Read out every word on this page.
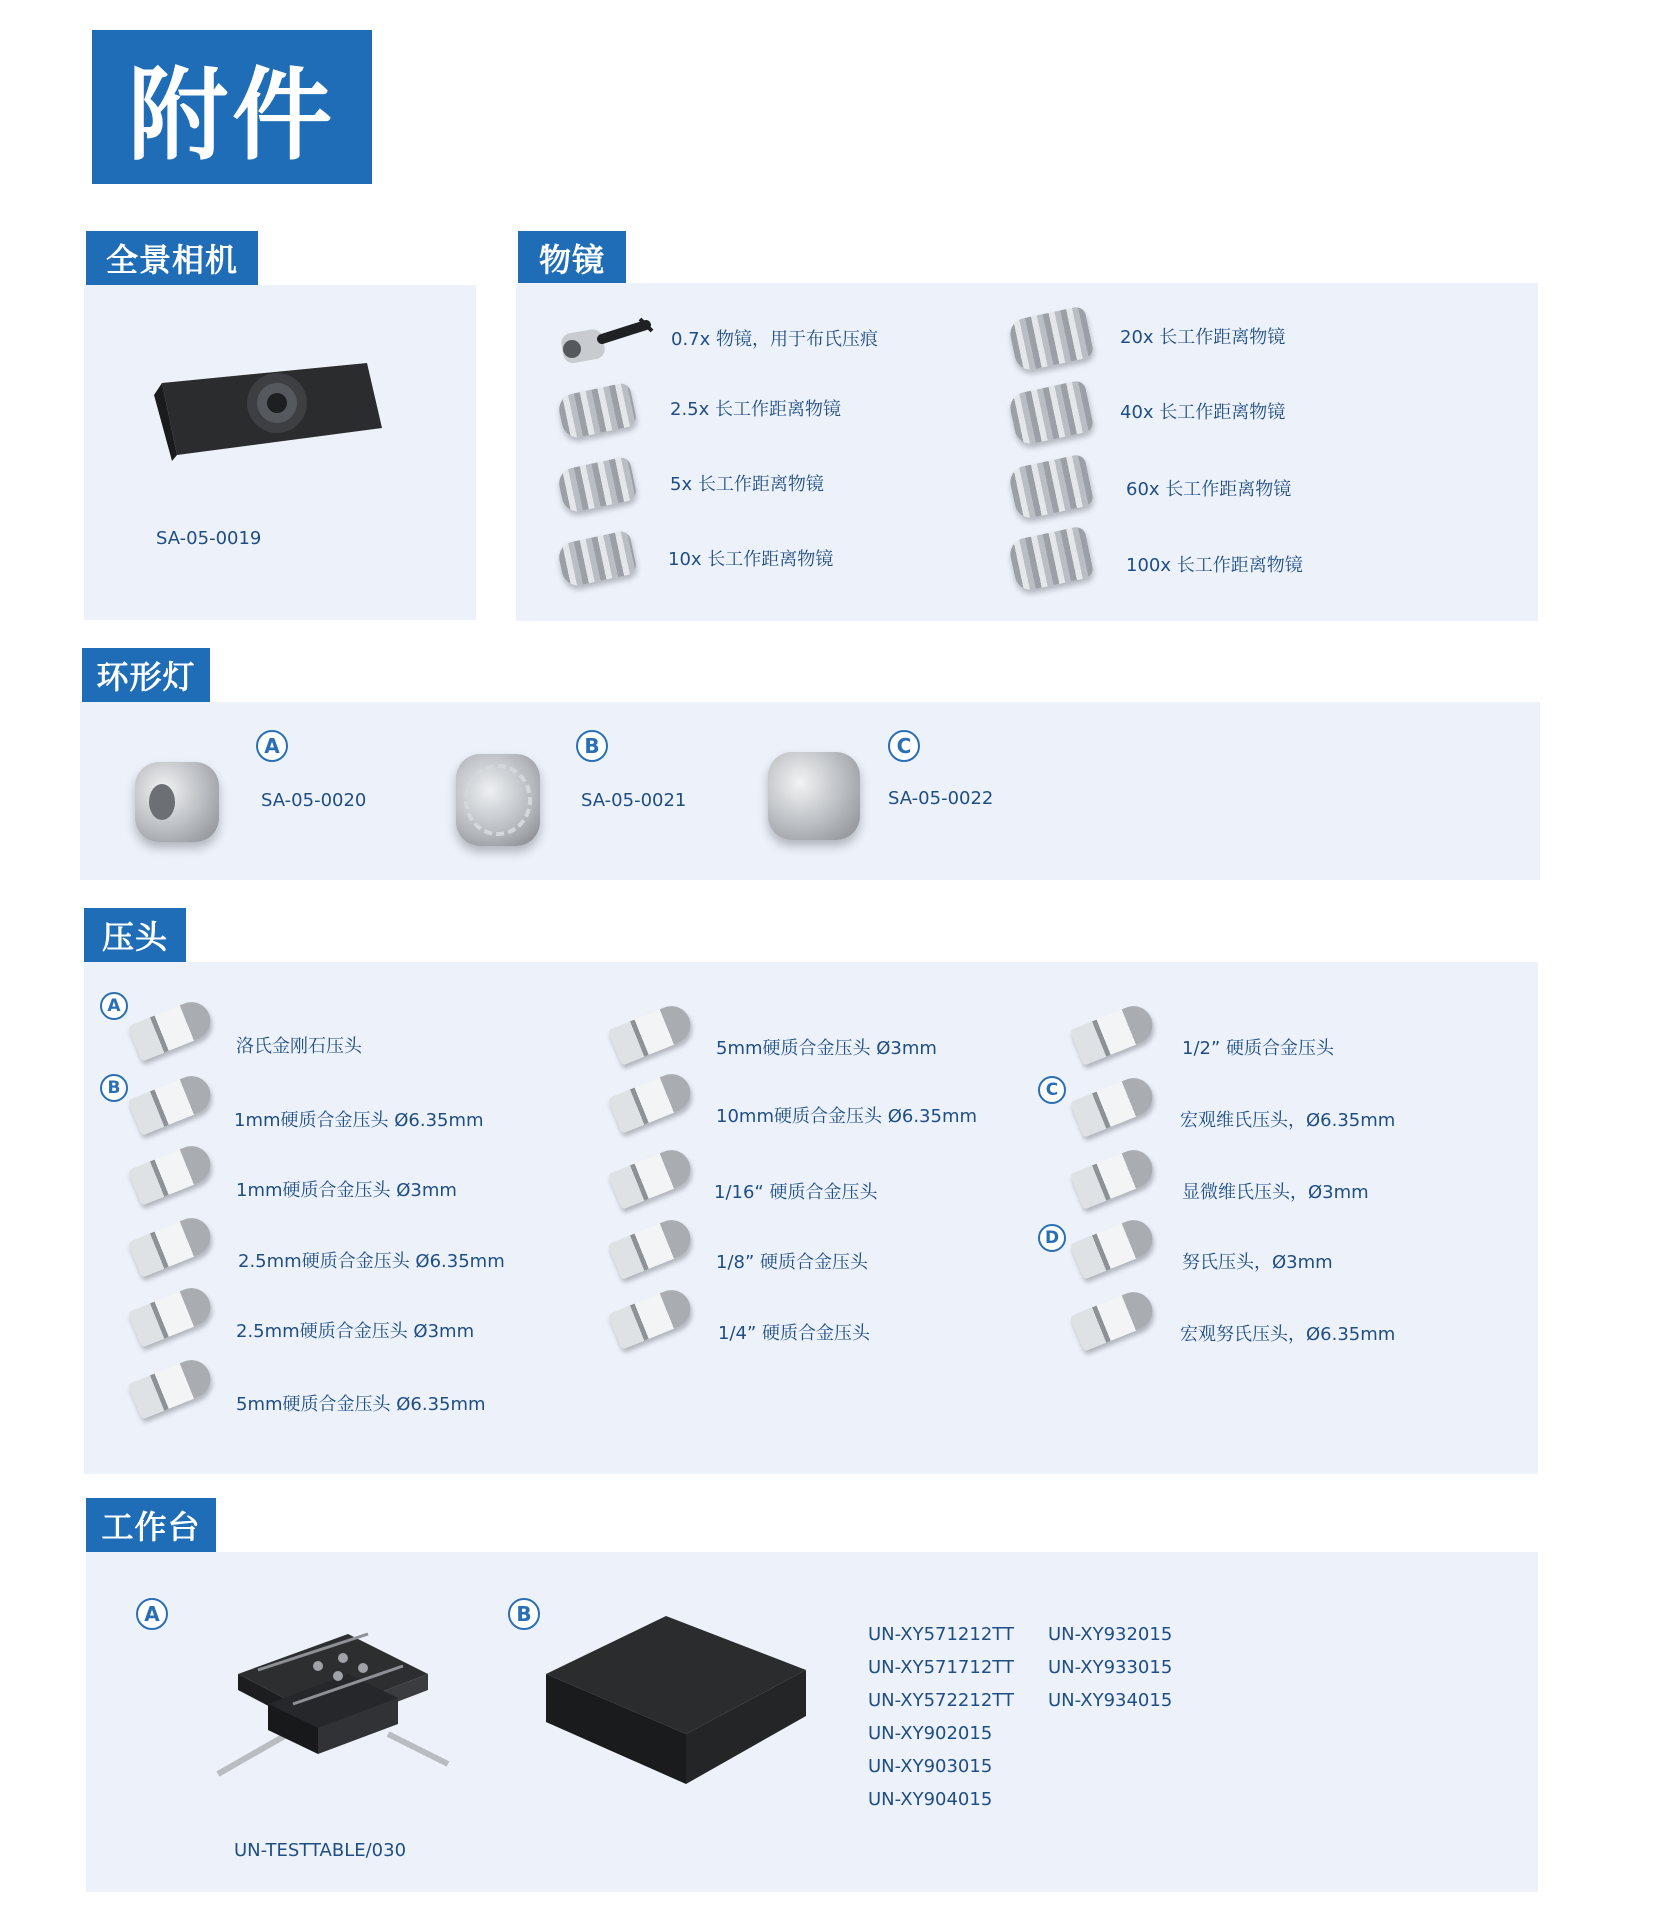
附件
全景相机
SA-05-0019
物镜
0.7x 物镜，用于布氏压痕
2.5x 长工作距离物镜
5x 长工作距离物镜
10x 长工作距离物镜
20x 长工作距离物镜
40x 长工作距离物镜
60x 长工作距离物镜
100x 长工作距离物镜
环形灯
A
SA-05-0020
B
SA-05-0021
C
SA-05-0022
压头
A
B	C
D
洛氏金刚石压头
1mm硬质合金压头 Ø6.35mm
1mm硬质合金压头 Ø3mm
2.5mm硬质合金压头 Ø6.35mm
2.5mm硬质合金压头 Ø3mm
5mm硬质合金压头 Ø6.35mm
5mm硬质合金压头 Ø3mm
10mm硬质合金压头 Ø6.35mm
1/16“ 硬质合金压头
1/8” 硬质合金压头
1/4” 硬质合金压头
1/2” 硬质合金压头
宏观维氏压头，Ø6.35mm
显微维氏压头，Ø3mm
努氏压头，Ø3mm
宏观努氏压头，Ø6.35mm
工作台
A
UN-TESTTABLE/030
B
UN-XY571212TT
UN-XY571712TT
UN-XY572212TT
UN-XY902015
UN-XY903015
UN-XY904015
UN-XY932015
UN-XY933015
UN-XY934015
